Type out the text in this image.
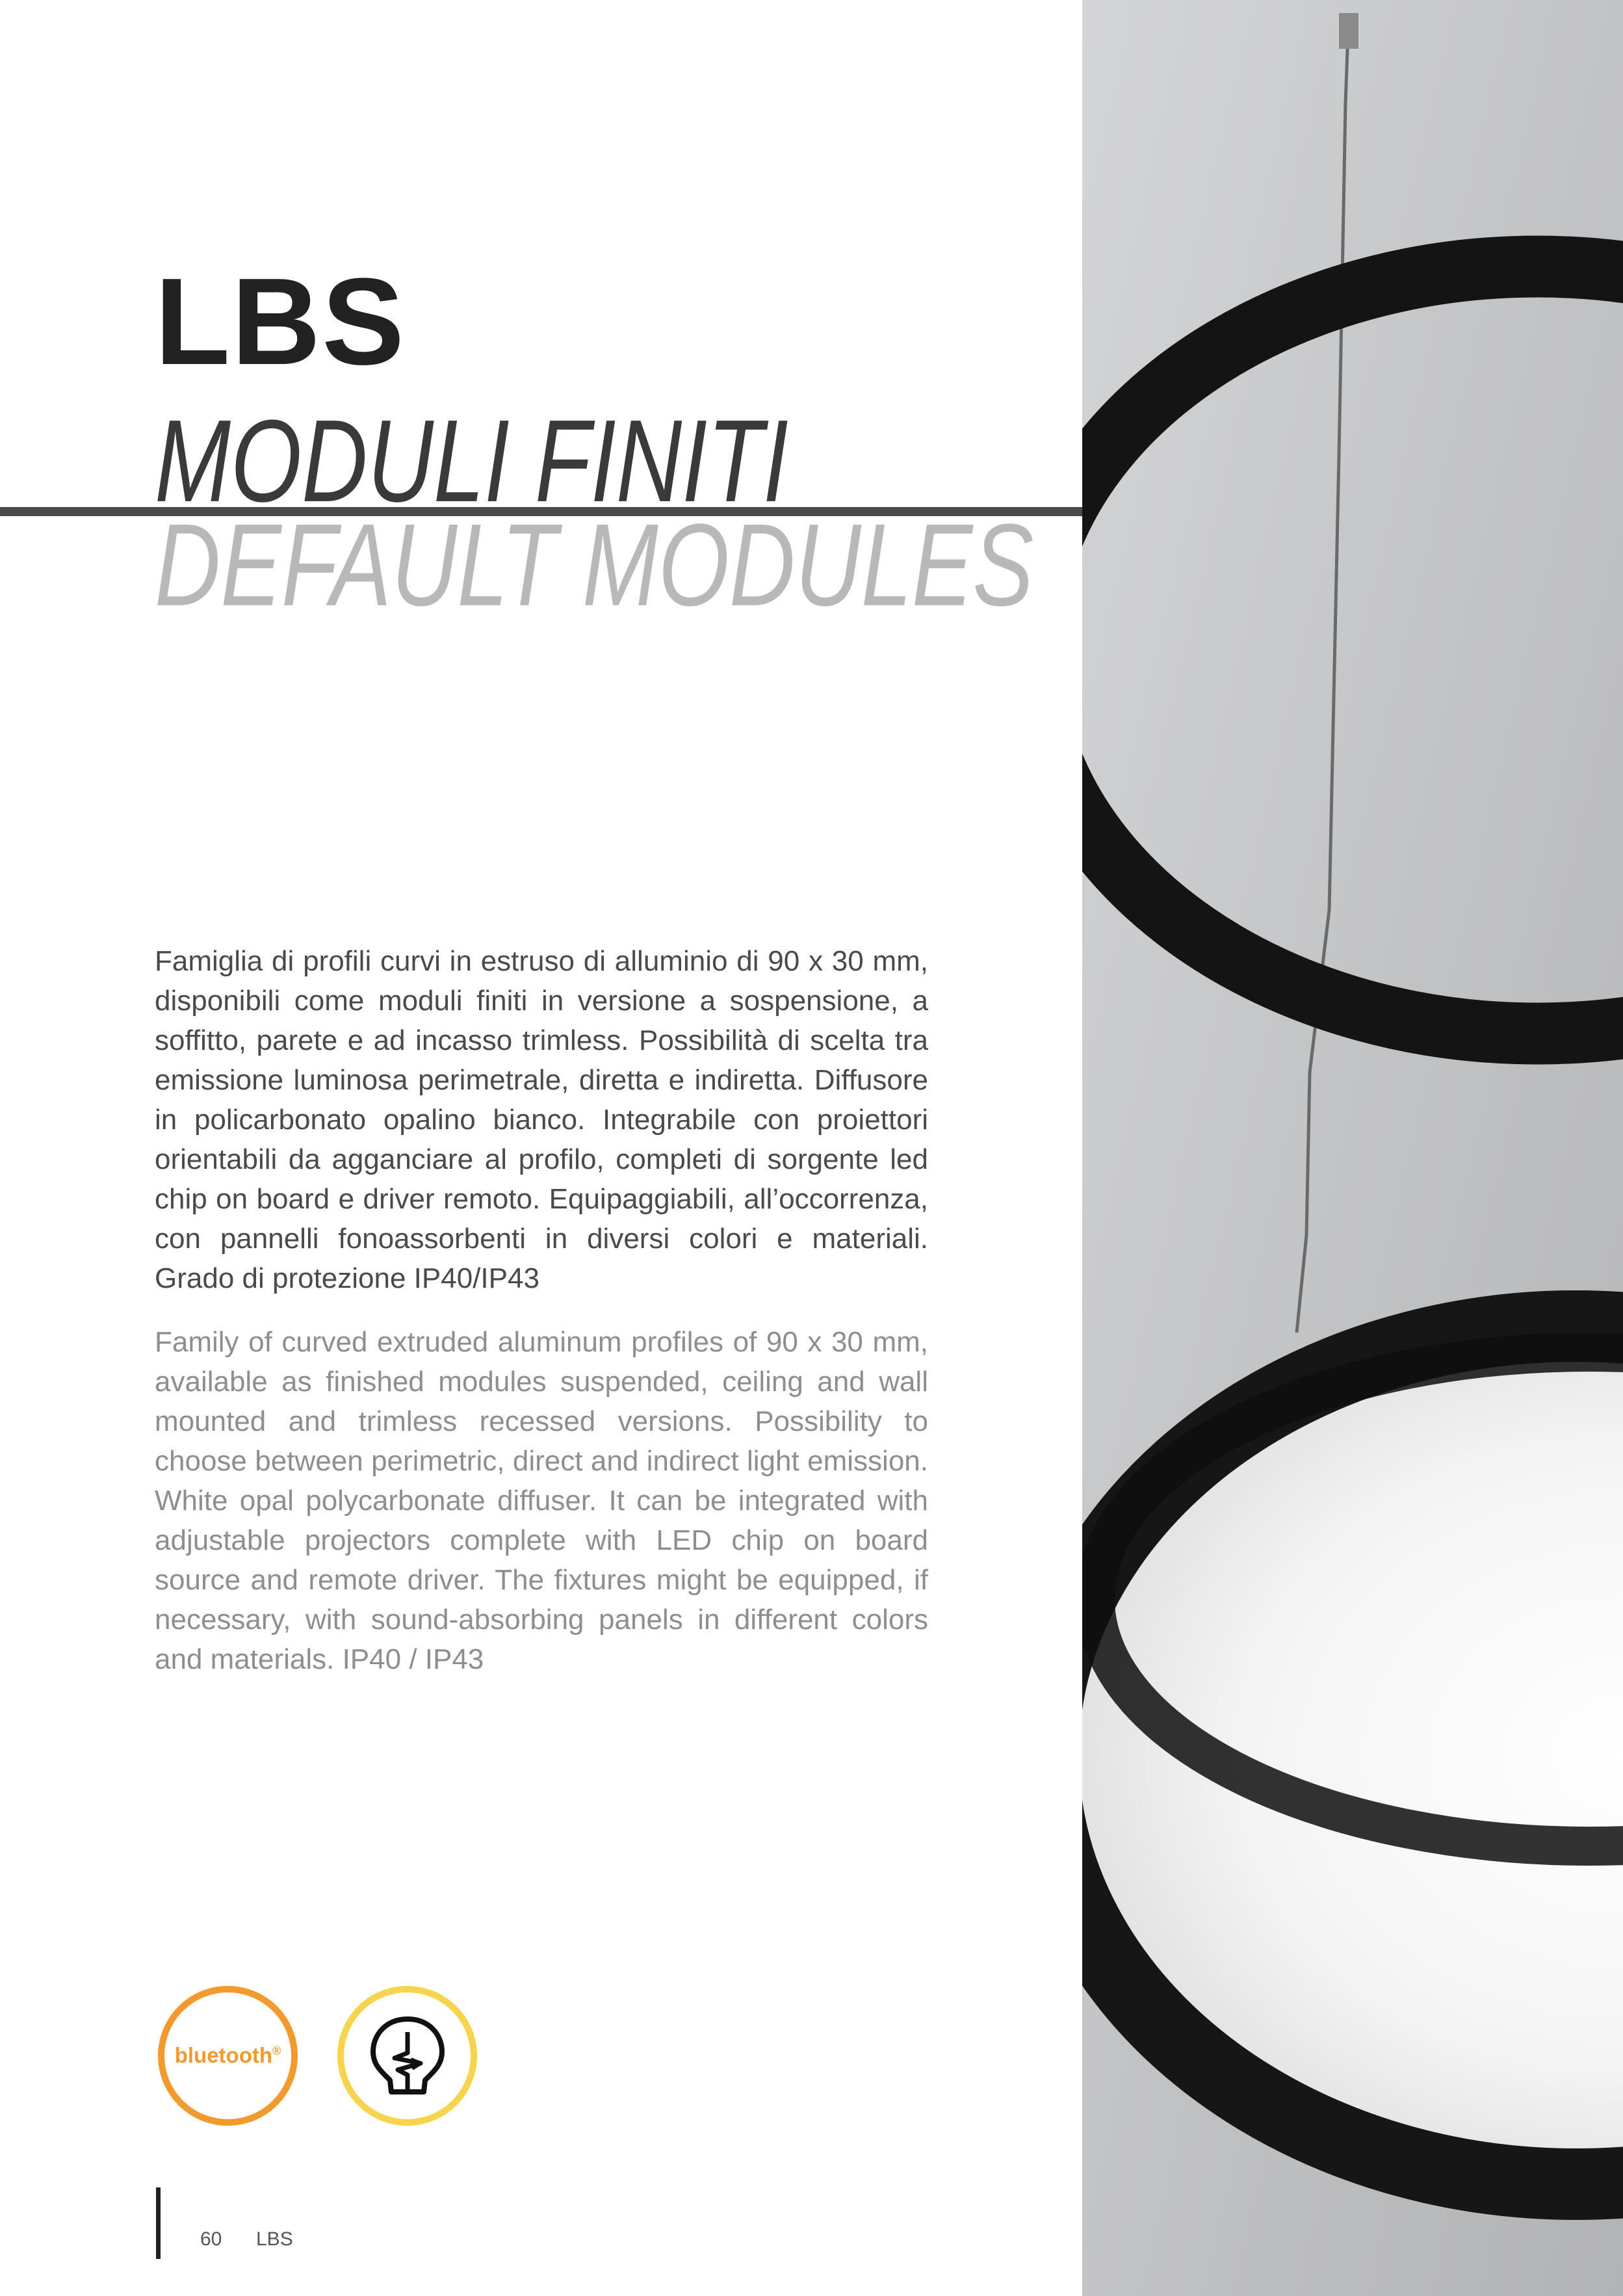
LBS
MODULI FINITI
DEFAULT MODULES

Famiglia di profili curvi in estruso di alluminio di 90 x 30 mm, disponibili come moduli finiti in versione a sospensione, a soffitto, parete e ad incasso trimless. Possibilità di scelta tra emissione luminosa perimetrale, diretta e indiretta. Diffusore in policarbonato opalino bianco. Integrabile con proiettori orientabili da agganciare al profilo, completi di sorgente led chip on board e driver remoto. Equipaggiabili, all’occorrenza, con pannelli fonoassorbenti in diversi colori e materiali. Grado di protezione IP40/IP43

Family of curved extruded aluminum profiles of 90 x 30 mm, available as finished modules suspended, ceiling and wall mounted and trimless recessed versions. Possibility to choose between perimetric, direct and indirect light emission. White opal polycarbonate diffuser. It can be integrated with adjustable projectors complete with LED chip on board source and remote driver. The fixtures might be equipped, if necessary, with sound-absorbing panels in different colors and materials. IP40 / IP43

bluetooth®

60 LBS
